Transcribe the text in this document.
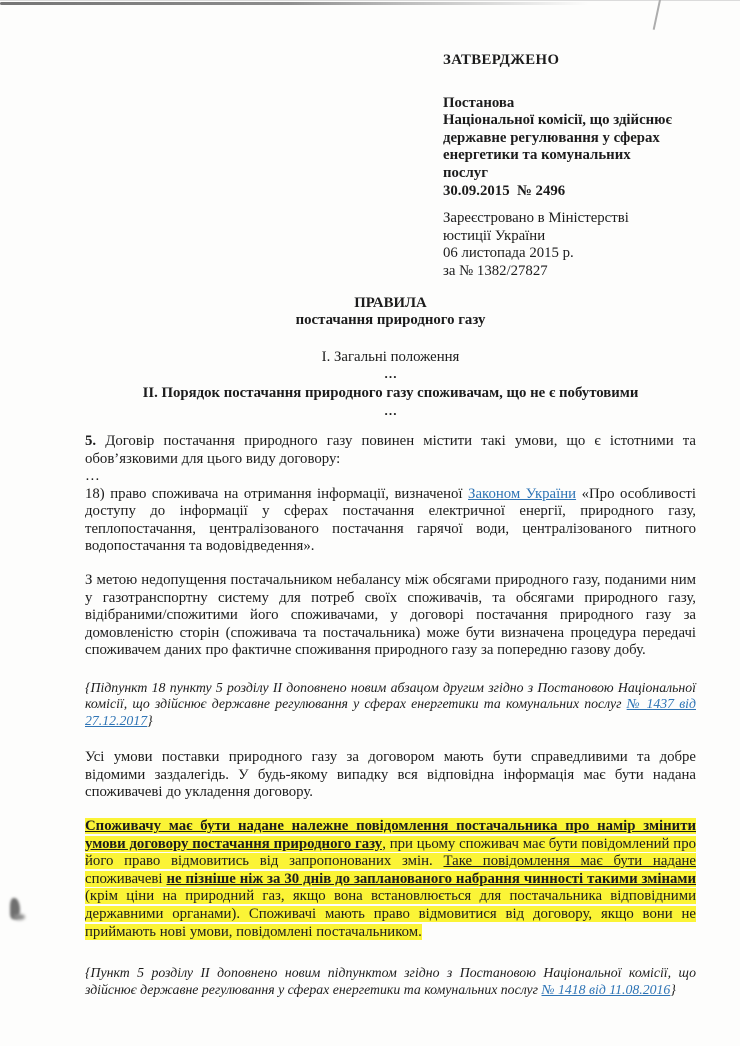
ЗАТВЕРДЖЕНО
Постанова
Національної комісії, що здійснює
державне регулювання у сферах
енергетики та комунальних
послуг
30.09.2015  № 2496
Зареєстровано в Міністерстві
юстиції України
06 листопада 2015 р.
за № 1382/27827
ПРАВИЛА
постачання природного газу
І. Загальні положення
…
ІІ. Порядок постачання природного газу споживачам, що не є побутовими
…

5. Договір постачання природного газу повинен містити такі умови, що є істотними та обов’язковими для цього виду договору:

…

18) право споживача на отримання інформації, визначеної Законом України «Про особливості доступу до інформації у сферах постачання електричної енергії, природного газу, теплопостачання, централізованого постачання гарячої води, централізованого питного водопостачання та водовідведення».

З метою недопущення постачальником небалансу між обсягами природного газу, поданими ним у газотранспортну систему для потреб своїх споживачів, та обсягами природного газу, відібраними/спожитими його споживачами, у договорі постачання природного газу за домовленістю сторін (споживача та постачальника) може бути визначена процедура передачі споживачем даних про фактичне споживання природного газу за попередню газову добу.

{Підпункт 18 пункту 5 розділу ІІ доповнено новим абзацом другим згідно з Постановою Національної комісії, що здійснює державне регулювання у сферах енергетики та комунальних послуг № 1437 від 27.12.2017}

Усі умови поставки природного газу за договором мають бути справедливими та добре відомими заздалегідь. У будь-якому випадку вся відповідна інформація має бути надана споживачеві до укладення договору.

Споживачу має бути надане належне повідомлення постачальника про намір змінити умови договору постачання природного газу, при цьому споживач має бути повідомлений про його право відмовитись від запропонованих змін. Таке повідомлення має бути надане споживачеві не пізніше ніж за 30 днів до запланованого набрання чинності такими змінами (крім ціни на природний газ, якщо вона встановлюється для постачальника відповідними державними органами). Споживачі мають право відмовитися від договору, якщо вони не приймають нові умови, повідомлені постачальником.

{Пункт 5 розділу ІІ доповнено новим підпунктом згідно з Постановою Національної комісії, що здійснює державне регулювання у сферах енергетики та комунальних послуг № 1418 від 11.08.2016}
